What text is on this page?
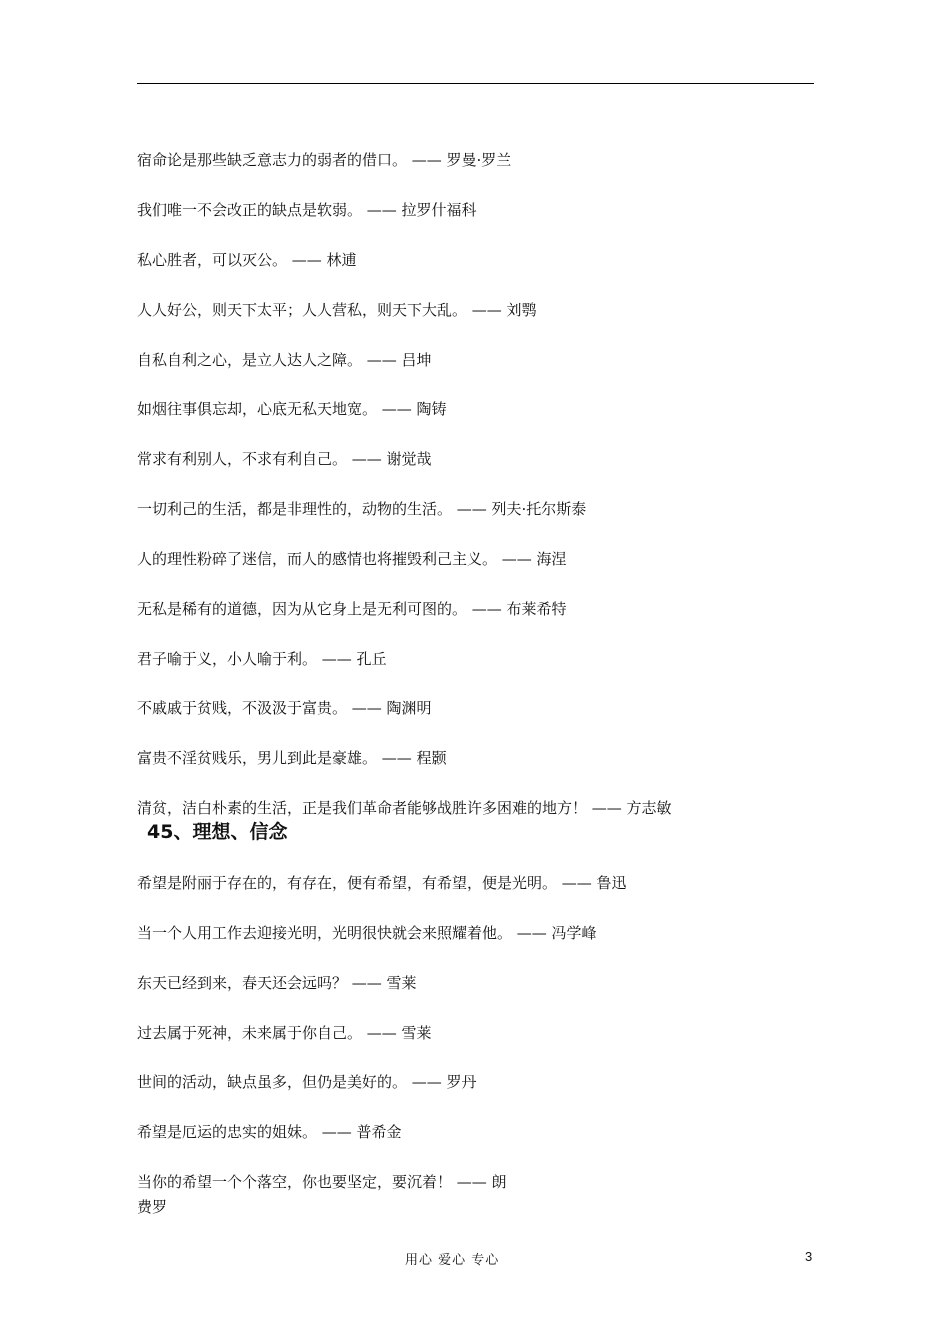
宿命论是那些缺乏意志力的弱者的借口。 —— 罗曼·罗兰
我们唯一不会改正的缺点是软弱。 —— 拉罗什福科
私心胜者，可以灭公。 —— 林逋
人人好公，则天下太平；人人营私，则天下大乱。 —— 刘鹗
自私自利之心，是立人达人之障。 —— 吕坤
如烟往事俱忘却，心底无私天地宽。 —— 陶铸
常求有利别人，不求有利自己。 —— 谢觉哉
一切利己的生活，都是非理性的，动物的生活。 —— 列夫·托尔斯泰
人的理性粉碎了迷信，而人的感情也将摧毁利己主义。 —— 海涅
无私是稀有的道德，因为从它身上是无利可图的。 —— 布莱希特
君子喻于义，小人喻于利。 —— 孔丘
不戚戚于贫贱，不汲汲于富贵。 —— 陶渊明
富贵不淫贫贱乐，男儿到此是豪雄。 —— 程颢
清贫，洁白朴素的生活，正是我们革命者能够战胜许多困难的地方！ —— 方志敏
45、理想、信念
希望是附丽于存在的，有存在，便有希望，有希望，便是光明。 —— 鲁迅
当一个人用工作去迎接光明，光明很快就会来照耀着他。 —— 冯学峰
东天已经到来，春天还会远吗？ —— 雪莱
过去属于死神，未来属于你自己。 —— 雪莱
世间的活动，缺点虽多，但仍是美好的。 —— 罗丹
希望是厄运的忠实的姐妹。 —— 普希金
当你的希望一个个落空，你也要坚定，要沉着！ —— 朗
费罗
用心 爱心 专心	3
